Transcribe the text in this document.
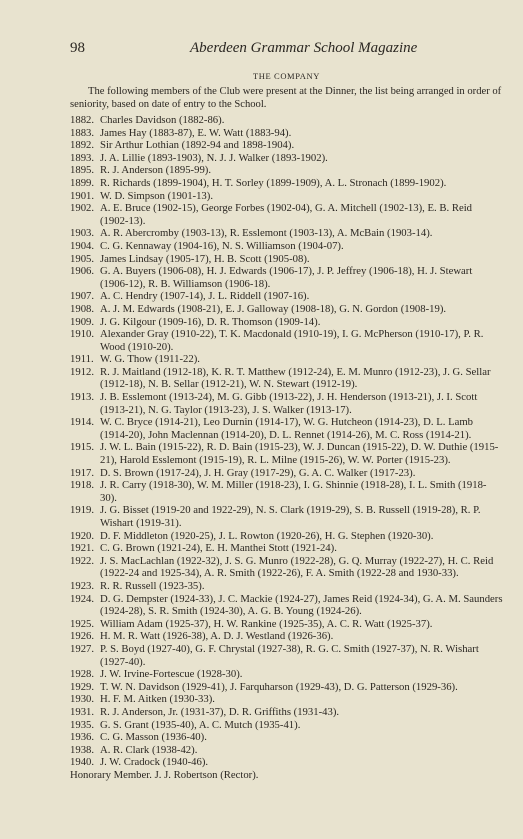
98	Aberdeen Grammar School Magazine
THE COMPANY

The following members of the Club were present at the Dinner, the list being arranged in order of seniority, based on date of entry to the School.

1882. Charles Davidson (1882-86).
1883. James Hay (1883-87), E. W. Watt (1883-94).
1892. Sir Arthur Lothian (1892-94 and 1898-1904).
1893. J. A. Lillie (1893-1903), N. J. J. Walker (1893-1902).
1895. R. J. Anderson (1895-99).
1899. R. Richards (1899-1904), H. T. Sorley (1899-1909), A. L. Stronach (1899-1902).
1901. W. D. Simpson (1901-13).
1902. A. E. Bruce (1902-15), George Forbes (1902-04), G. A. Mitchell (1902-13), E. B. Reid (1902-13).
1903. A. R. Abercromby (1903-13), R. Esslemont (1903-13), A. McBain (1903-14).
1904. C. G. Kennaway (1904-16), N. S. Williamson (1904-07).
1905. James Lindsay (1905-17), H. B. Scott (1905-08).
1906. G. A. Buyers (1906-08), H. J. Edwards (1906-17), J. P. Jeffrey (1906-18), H. J. Stewart (1906-12), R. B. Williamson (1906-18).
1907. A. C. Hendry (1907-14), J. L. Riddell (1907-16).
1908. A. J. M. Edwards (1908-21), E. J. Galloway (1908-18), G. N. Gordon (1908-19).
1909. J. G. Kilgour (1909-16), D. R. Thomson (1909-14).
1910. Alexander Gray (1910-22), T. K. Macdonald (1910-19), I. G. McPherson (1910-17), P. R. Wood (1910-20).
1911. W. G. Thow (1911-22).
1912. R. J. Maitland (1912-18), K. R. T. Matthew (1912-24), E. M. Munro (1912-23), J. G. Sellar (1912-18), N. B. Sellar (1912-21), W. N. Stewart (1912-19).
1913. J. B. Esslemont (1913-24), M. G. Gibb (1913-22), J. H. Henderson (1913-21), J. I. Scott (1913-21), N. G. Taylor (1913-23), J. S. Walker (1913-17).
1914. W. C. Bryce (1914-21), Leo Durnin (1914-17), W. G. Hutcheon (1914-23), D. L. Lamb (1914-20), John Maclennan (1914-20), D. L. Rennet (1914-26), M. C. Ross (1914-21).
1915. J. W. L. Bain (1915-22), R. D. Bain (1915-23), W. J. Duncan (1915-22), D. W. Duthie (1915-21), Harold Esslemont (1915-19), R. L. Milne (1915-26), W. W. Porter (1915-23).
1917. D. S. Brown (1917-24), J. H. Gray (1917-29), G. A. C. Walker (1917-23).
1918. J. R. Carry (1918-30), W. M. Miller (1918-23), I. G. Shinnie (1918-28), I. L. Smith (1918-30).
1919. J. G. Bisset (1919-20 and 1922-29), N. S. Clark (1919-29), S. B. Russell (1919-28), R. P. Wishart (1919-31).
1920. D. F. Middleton (1920-25), J. L. Rowton (1920-26), H. G. Stephen (1920-30).
1921. C. G. Brown (1921-24), E. H. Manthei Stott (1921-24).
1922. J. S. MacLachlan (1922-32), J. S. G. Munro (1922-28), G. Q. Murray (1922-27), H. C. Reid (1922-24 and 1925-34), A. R. Smith (1922-26), F. A. Smith (1922-28 and 1930-33).
1923. R. R. Russell (1923-35).
1924. D. G. Dempster (1924-33), J. C. Mackie (1924-27), James Reid (1924-34), G. A. M. Saunders (1924-28), S. R. Smith (1924-30), A. G. B. Young (1924-26).
1925. William Adam (1925-37), H. W. Rankine (1925-35), A. C. R. Watt (1925-37).
1926. H. M. R. Watt (1926-38), A. D. J. Westland (1926-36).
1927. P. S. Boyd (1927-40), G. F. Chrystal (1927-38), R. G. C. Smith (1927-37), N. R. Wishart (1927-40).
1928. J. W. Irvine-Fortescue (1928-30).
1929. T. W. N. Davidson (1929-41), J. Farquharson (1929-43), D. G. Patterson (1929-36).
1930. H. F. M. Aitken (1930-33).
1931. R. J. Anderson, Jr. (1931-37), D. R. Griffiths (1931-43).
1935. G. S. Grant (1935-40), A. C. Mutch (1935-41).
1936. C. G. Masson (1936-40).
1938. A. R. Clark (1938-42).
1940. J. W. Cradock (1940-46).
Honorary Member. J. J. Robertson (Rector).
